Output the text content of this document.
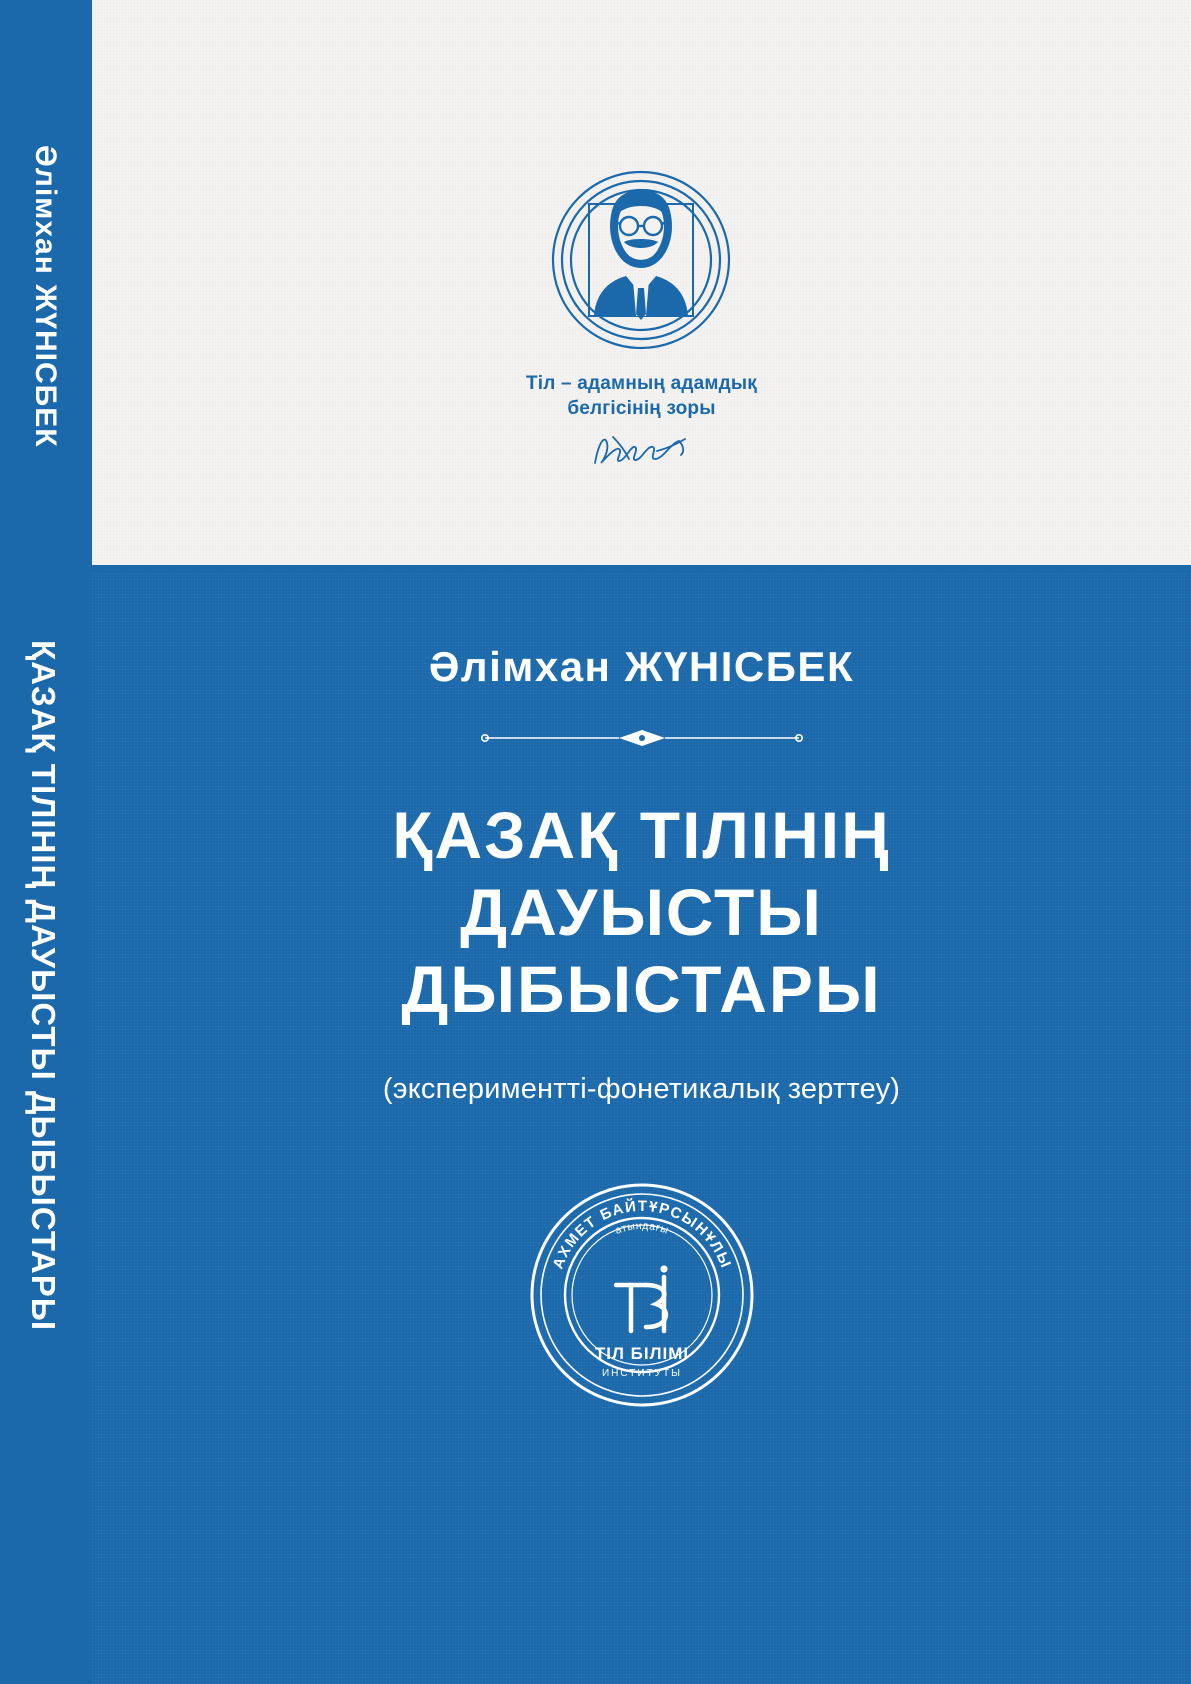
Әлімхан ЖҮНІСБЕК
ҚАЗАҚ ТІЛІНІҢ ДАУЫСТЫ ДЫБЫСТАРЫ
Тіл – адамның адамдық
белгісінің зоры
Әлімхан ЖҮНІСБЕК
ҚАЗАҚ ТІЛІНІҢ
ДАУЫСТЫ
ДЫБЫСТАРЫ
(экспериментті-фонетикалық зерттеу)
АХМЕТ БАЙТҰРСЫНҰЛЫ
атындағы
ТІЛ БІЛІМІ
ИНСТИТУТЫ
